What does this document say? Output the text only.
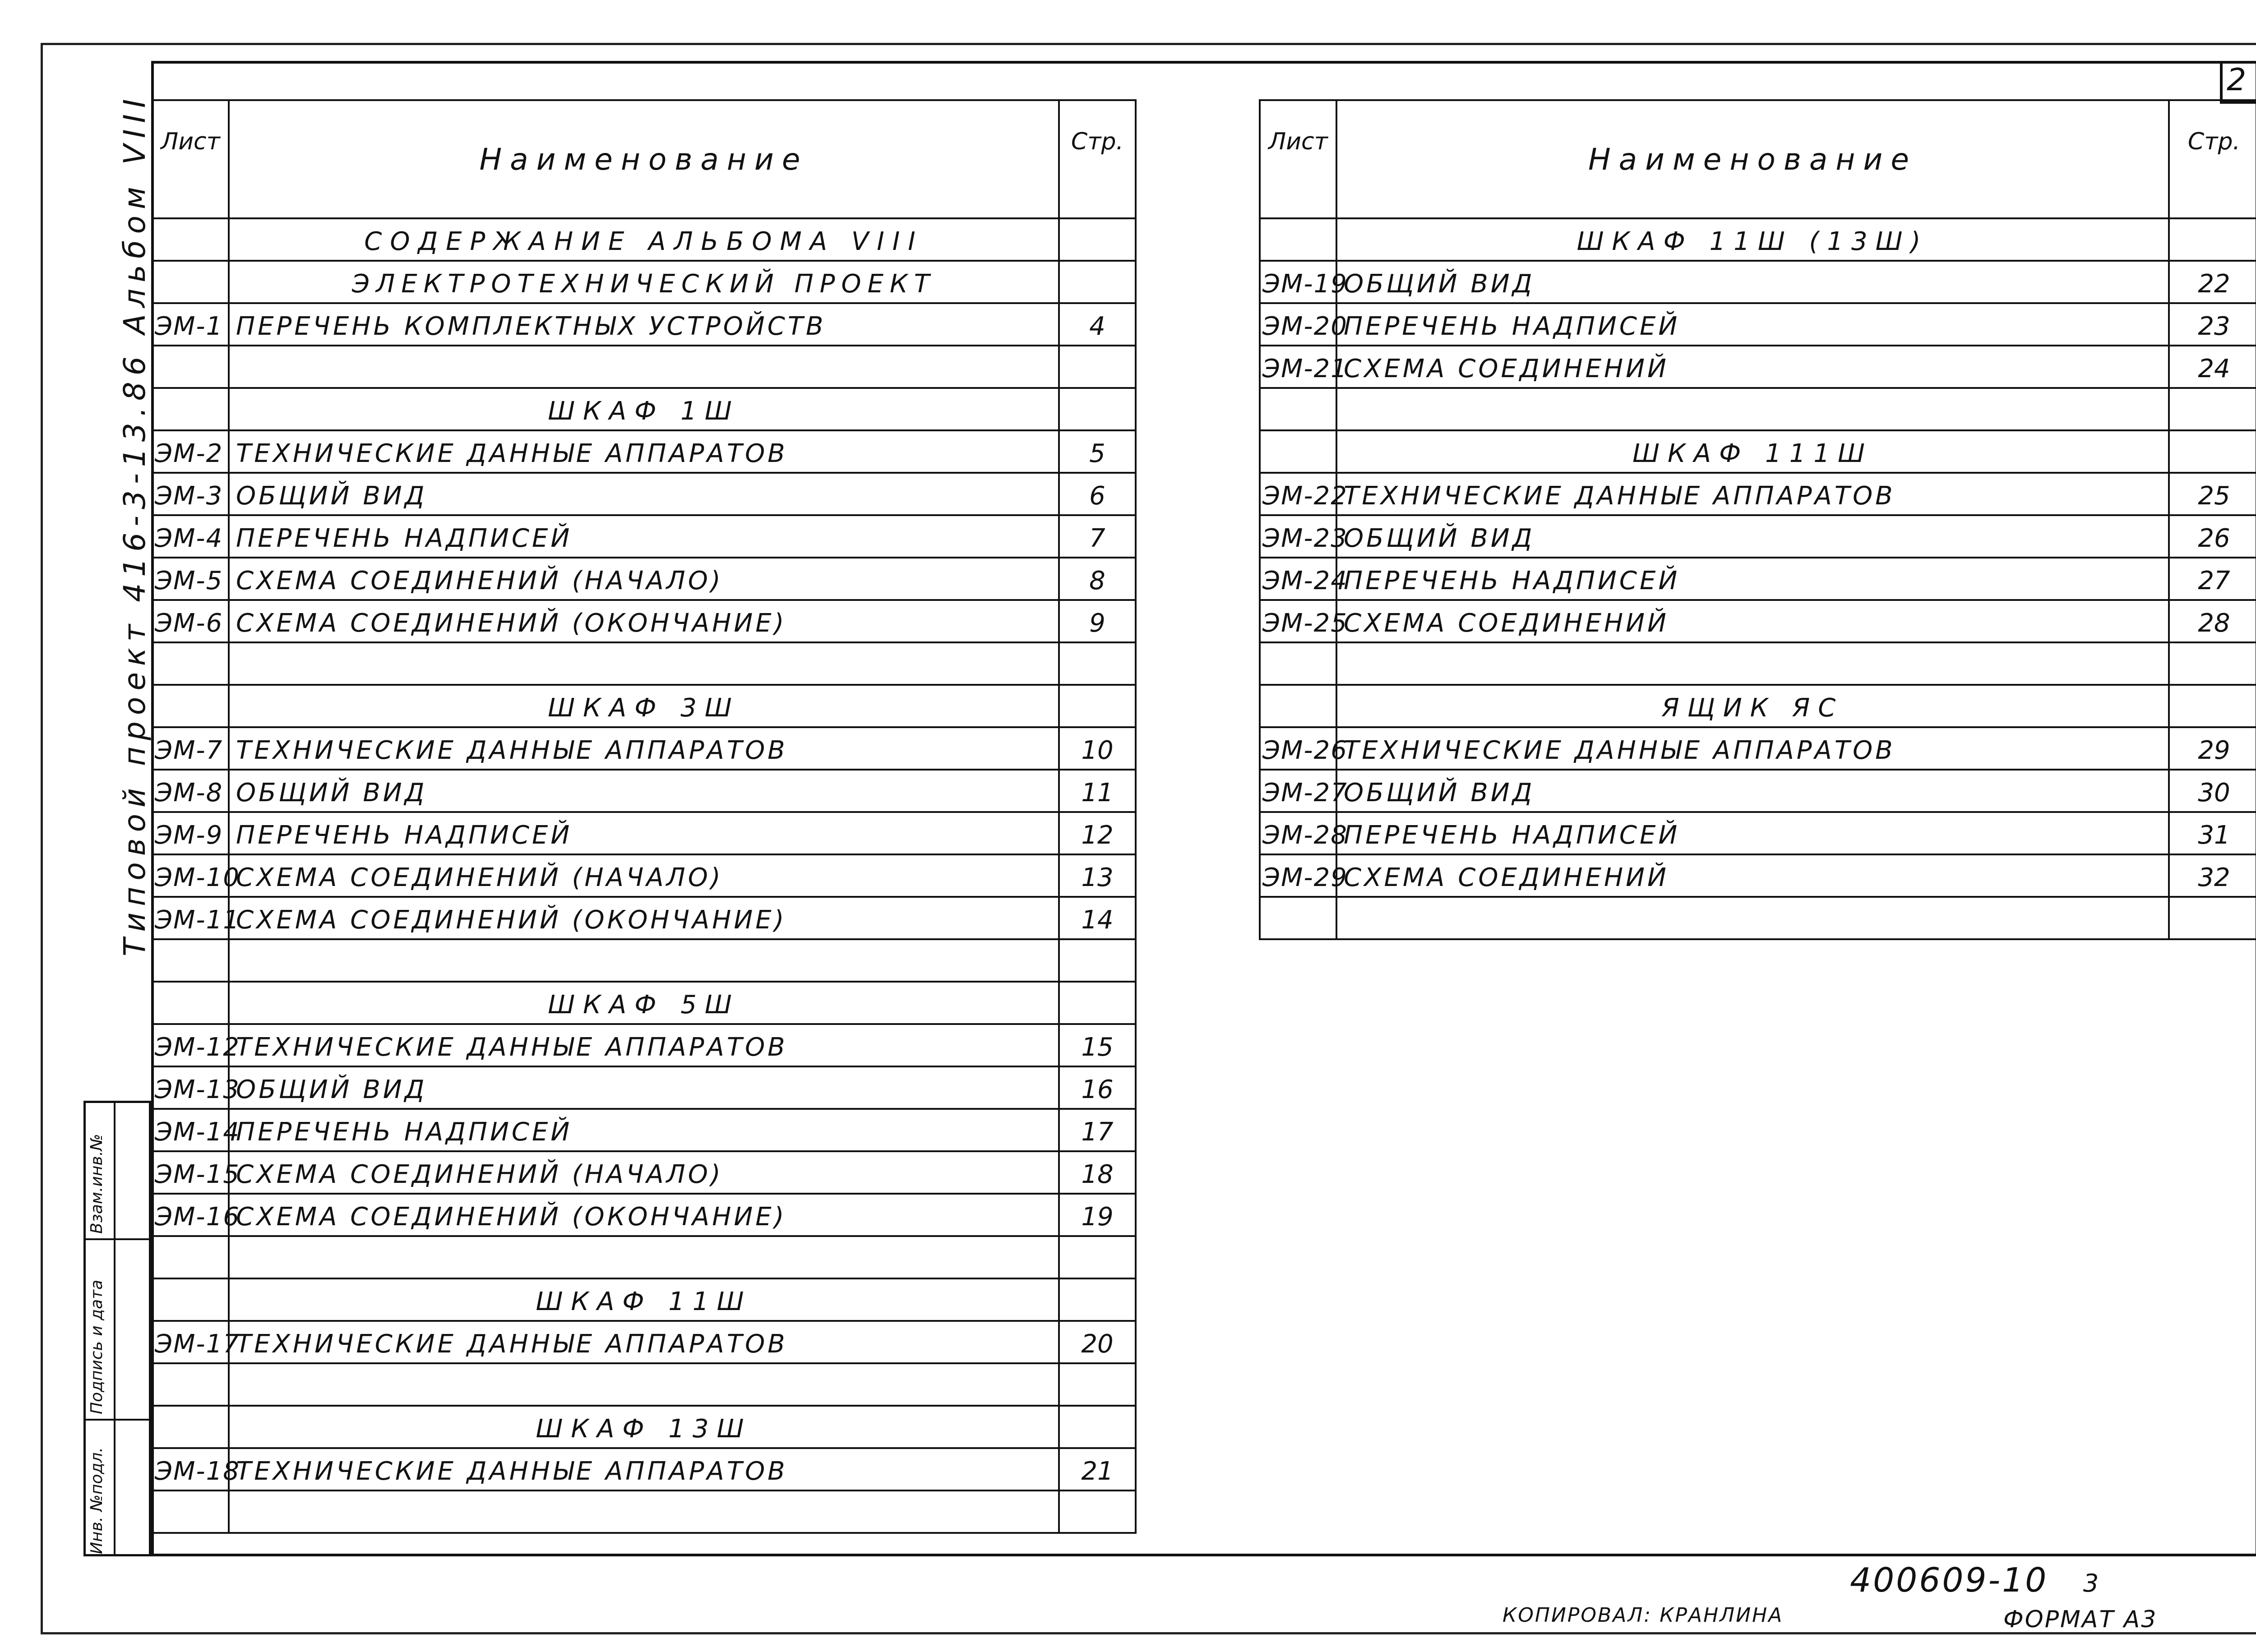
2
Типовой проект 416-3-13.86 Альбом VIII
Инв. №подл.
Подпись и дата
Взам.инв.№
Лист	Наименование	Стр.
	СОДЕРЖАНИЕ АЛЬБОМА VIII	
	ЭЛЕКТРОТЕХНИЧЕСКИЙ ПРОЕКТ	
ЭМ-1	ПЕРЕЧЕНЬ КОМПЛЕКТНЫХ УСТРОЙСТВ	4

	ШКАФ 1Ш	
ЭМ-2	ТЕХНИЧЕСКИЕ ДАННЫЕ АППАРАТОВ	5
ЭМ-3	ОБЩИЙ ВИД	6
ЭМ-4	ПЕРЕЧЕНЬ НАДПИСЕЙ	7
ЭМ-5	СХЕМА СОЕДИНЕНИЙ (НАЧАЛО)	8
ЭМ-6	СХЕМА СОЕДИНЕНИЙ (ОКОНЧАНИЕ)	9

	ШКАФ 3Ш	
ЭМ-7	ТЕХНИЧЕСКИЕ ДАННЫЕ АППАРАТОВ	10
ЭМ-8	ОБЩИЙ ВИД	11
ЭМ-9	ПЕРЕЧЕНЬ НАДПИСЕЙ	12
ЭМ-10	СХЕМА СОЕДИНЕНИЙ (НАЧАЛО)	13
ЭМ-11	СХЕМА СОЕДИНЕНИЙ (ОКОНЧАНИЕ)	14

	ШКАФ 5Ш	
ЭМ-12	ТЕХНИЧЕСКИЕ ДАННЫЕ АППАРАТОВ	15
ЭМ-13	ОБЩИЙ ВИД	16
ЭМ-14	ПЕРЕЧЕНЬ НАДПИСЕЙ	17
ЭМ-15	СХЕМА СОЕДИНЕНИЙ (НАЧАЛО)	18
ЭМ-16	СХЕМА СОЕДИНЕНИЙ (ОКОНЧАНИЕ)	19

	ШКАФ 11Ш	
ЭМ-17	ТЕХНИЧЕСКИЕ ДАННЫЕ АППАРАТОВ	20

	ШКАФ 13Ш	
ЭМ-18	ТЕХНИЧЕСКИЕ ДАННЫЕ АППАРАТОВ	21

Лист	Наименование	Стр.
	ШКАФ 11Ш (13Ш)	
ЭМ-19	ОБЩИЙ ВИД	22
ЭМ-20	ПЕРЕЧЕНЬ НАДПИСЕЙ	23
ЭМ-21	СХЕМА СОЕДИНЕНИЙ	24

	ШКАФ 111Ш	
ЭМ-22	ТЕХНИЧЕСКИЕ ДАННЫЕ АППАРАТОВ	25
ЭМ-23	ОБЩИЙ ВИД	26
ЭМ-24	ПЕРЕЧЕНЬ НАДПИСЕЙ	27
ЭМ-25	СХЕМА СОЕДИНЕНИЙ	28

	ЯЩИК ЯС	
ЭМ-26	ТЕХНИЧЕСКИЕ ДАННЫЕ АППАРАТОВ	29
ЭМ-27	ОБЩИЙ ВИД	30
ЭМ-28	ПЕРЕЧЕНЬ НАДПИСЕЙ	31
ЭМ-29	СХЕМА СОЕДИНЕНИЙ	32

400609-10 3
КОПИРОВАЛ: КРАНЛИНА	ФОРМАТ А3
